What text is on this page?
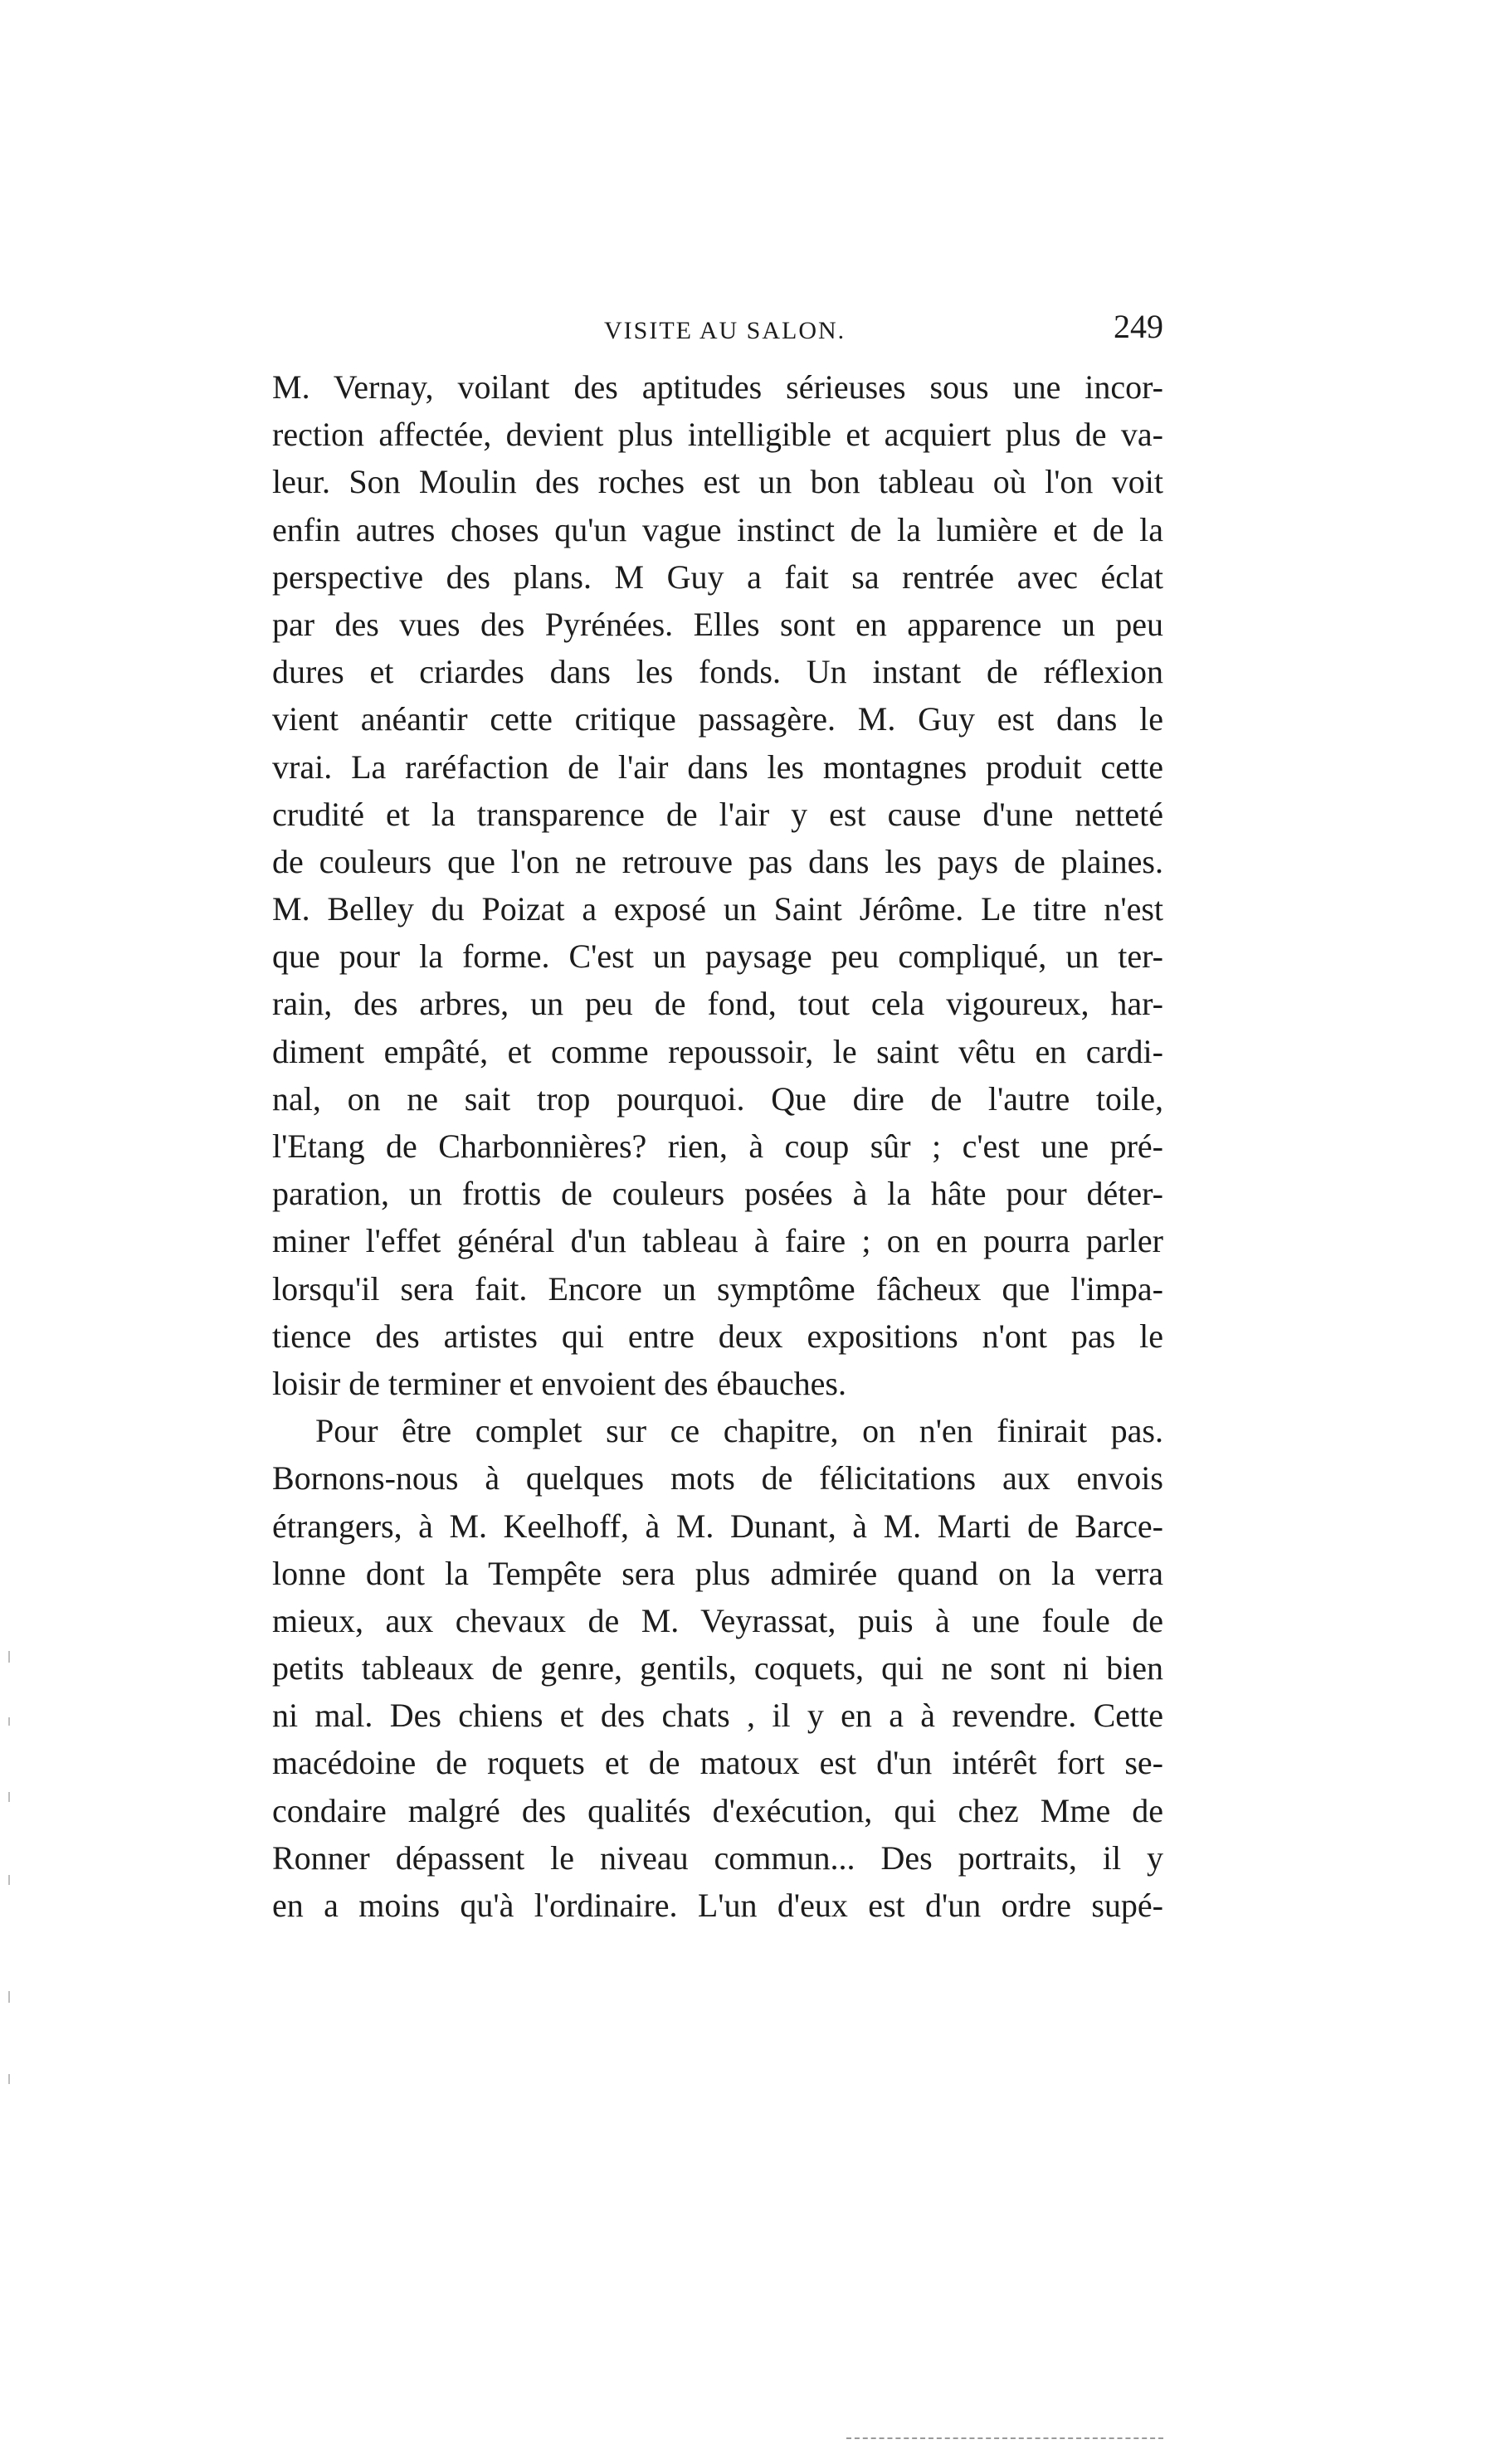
VISITE AU SALON.	249
M. Vernay, voilant des aptitudes sérieuses sous une incor-
rection affectée, devient plus intelligible et acquiert plus de va-
leur. Son Moulin des roches est un bon tableau où l'on voit
enfin autres choses qu'un vague instinct de la lumière et de la
perspective des plans. M Guy a fait sa rentrée avec éclat
par des vues des Pyrénées. Elles sont en apparence un peu
dures et criardes dans les fonds. Un instant de réflexion
vient anéantir cette critique passagère. M. Guy est dans le
vrai. La raréfaction de l'air dans les montagnes produit cette
crudité et la transparence de l'air y est cause d'une netteté
de couleurs que l'on ne retrouve pas dans les pays de plaines.
M. Belley du Poizat a exposé un Saint Jérôme. Le titre n'est
que pour la forme. C'est un paysage peu compliqué, un ter-
rain, des arbres, un peu de fond, tout cela vigoureux, har-
diment empâté, et comme repoussoir, le saint vêtu en cardi-
nal, on ne sait trop pourquoi. Que dire de l'autre toile,
l'Etang de Charbonnières? rien, à coup sûr ; c'est une pré-
paration, un frottis de couleurs posées à la hâte pour déter-
miner l'effet général d'un tableau à faire ; on en pourra parler
lorsqu'il sera fait. Encore un symptôme fâcheux que l'impa-
tience des artistes qui entre deux expositions n'ont pas le
loisir de terminer et envoient des ébauches.
Pour être complet sur ce chapitre, on n'en finirait pas.
Bornons-nous à quelques mots de félicitations aux envois
étrangers, à M. Keelhoff, à M. Dunant, à M. Marti de Barce-
lonne dont la Tempête sera plus admirée quand on la verra
mieux, aux chevaux de M. Veyrassat, puis à une foule de
petits tableaux de genre, gentils, coquets, qui ne sont ni bien
ni mal. Des chiens et des chats , il y en a à revendre. Cette
macédoine de roquets et de matoux est d'un intérêt fort se-
condaire malgré des qualités d'exécution, qui chez Mme de
Ronner dépassent le niveau commun... Des portraits, il y
en a moins qu'à l'ordinaire. L'un d'eux est d'un ordre supé-
